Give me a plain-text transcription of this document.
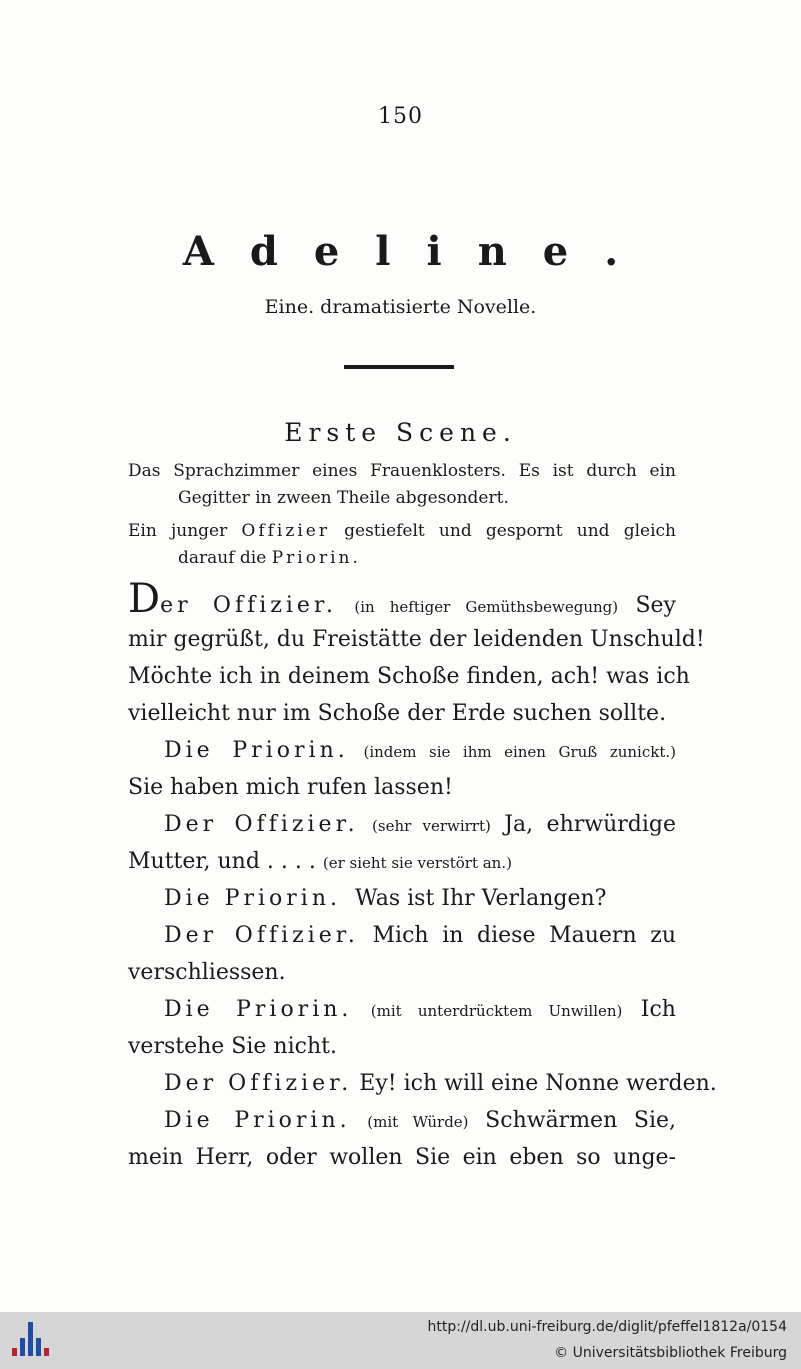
150
Adeline.
Eine. dramatisierte Novelle.
Erste Scene.
Das Sprachzimmer eines Frauenklosters. Es ist durch ein
Gegitter in zween Theile abgesondert.
Ein junger Offizier gestiefelt und gespornt und gleich
darauf die Priorin.
Der Offizier. (in heftiger Gemüthsbewegung) Sey
mir gegrüßt, du Freistätte der leidenden Unschuld!
Möchte ich in deinem Schoße finden, ach! was ich
vielleicht nur im Schoße der Erde suchen sollte.
Die Priorin. (indem sie ihm einen Gruß zunickt.)
Sie haben mich rufen lassen!
Der Offizier. (sehr verwirrt) Ja, ehrwürdige
Mutter, und . . . . (er sieht sie verstört an.)
Die Priorin. Was ist Ihr Verlangen?
Der Offizier. Mich in diese Mauern zu
verschliessen.
Die Priorin. (mit unterdrücktem Unwillen) Ich
verstehe Sie nicht.
Der Offizier. Ey! ich will eine Nonne werden.
Die Priorin. (mit Würde) Schwärmen Sie,
mein Herr, oder wollen Sie ein eben so unge-
http://dl.ub.uni-freiburg.de/diglit/pfeffel1812a/0154
© Universitätsbibliothek Freiburg
